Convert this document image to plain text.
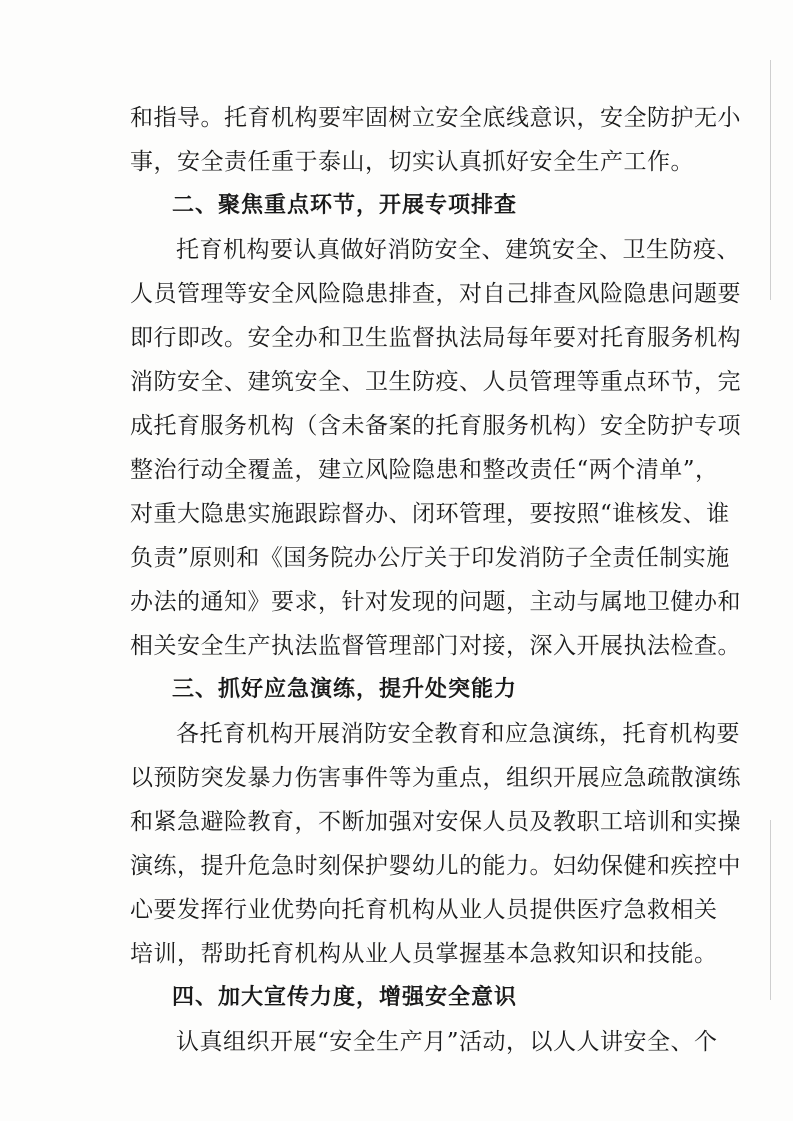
和指导。托育机构要牢固树立安全底线意识，安全防护无小
事，安全责任重于泰山，切实认真抓好安全生产工作。
二、聚焦重点环节，开展专项排查
托育机构要认真做好消防安全、建筑安全、卫生防疫、
人员管理等安全风险隐患排查，对自己排查风险隐患问题要
即行即改。安全办和卫生监督执法局每年要对托育服务机构
消防安全、建筑安全、卫生防疫、人员管理等重点环节，完
成托育服务机构（含未备案的托育服务机构）安全防护专项
整治行动全覆盖，建立风险隐患和整改责任“两个清单”，
对重大隐患实施跟踪督办、闭环管理，要按照“谁核发、谁
负责”原则和《国务院办公厅关于印发消防子全责任制实施
办法的通知》要求，针对发现的问题，主动与属地卫健办和
相关安全生产执法监督管理部门对接，深入开展执法检查。
三、抓好应急演练，提升处突能力
各托育机构开展消防安全教育和应急演练，托育机构要
以预防突发暴力伤害事件等为重点，组织开展应急疏散演练
和紧急避险教育，不断加强对安保人员及教职工培训和实操
演练，提升危急时刻保护婴幼儿的能力。妇幼保健和疾控中
心要发挥行业优势向托育机构从业人员提供医疗急救相关
培训，帮助托育机构从业人员掌握基本急救知识和技能。
四、加大宣传力度，增强安全意识
认真组织开展“安全生产月”活动，以人人讲安全、个
